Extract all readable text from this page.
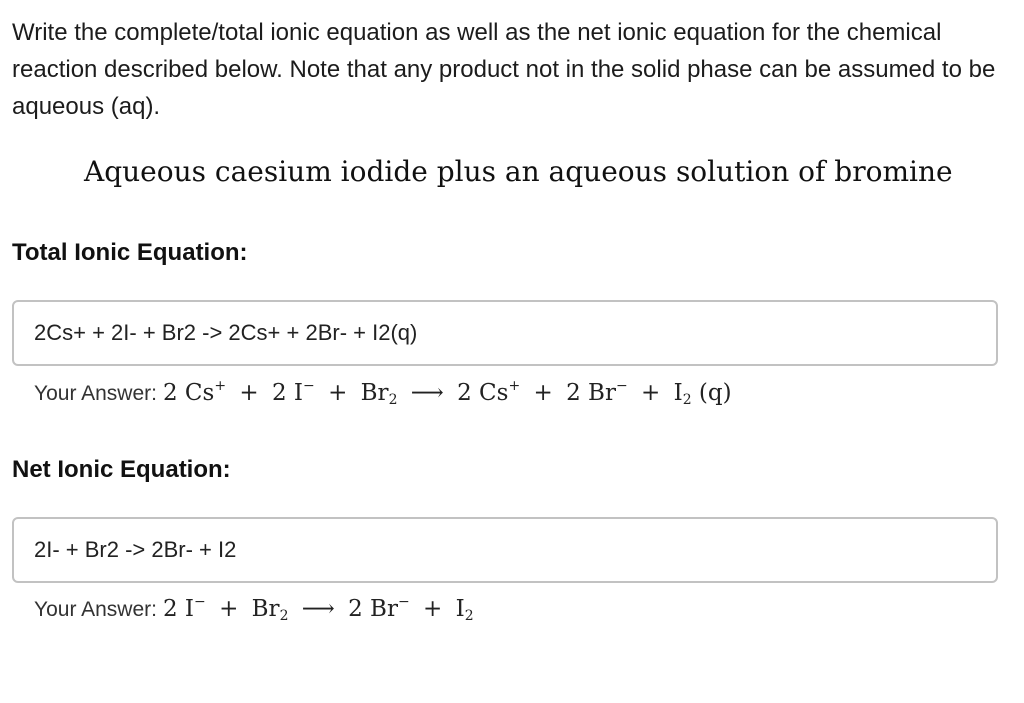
Write the complete/total ionic equation as well as the net ionic equation for the chemical reaction described below. Note that any product not in the solid phase can be assumed to be aqueous (aq).

Aqueous caesium iodide plus an aqueous solution of bromine

Total Ionic Equation:

2Cs+ + 2I- + Br2 -> 2Cs+ + 2Br- + I2(q)
Your Answer: 2 Cs+ + 2 $I^- + Br_2$ ⟶ 2 Cs+ + 2 $Br^- + I_2$ (q)

Net Ionic Equation:

2I- + Br2 -> 2Br- + I2
Your Answer: 2 $I^- + Br_2$ ⟶ 2 $Br^- + I_2$
